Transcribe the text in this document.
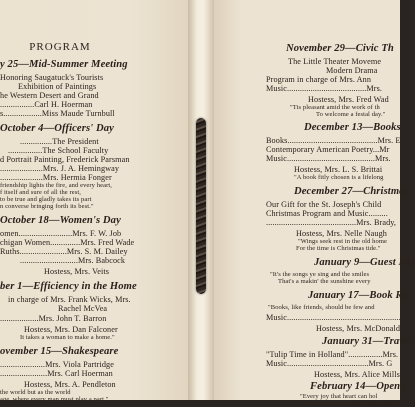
PROGRAM
y 25—Mid-Summer Meeting
Honoring Saugatuck's Tourists
Exhibition of Paintings
he Western Desert and Grand
................Carl H. Hoerman
s..................Miss Maude Turnbull
October 4—Officers' Day
...............The President
................The School Faculty
d Portrait Painting, Frederick Parsman
....................Mrs. J. A. Hemingway
....................Mrs. Hermia Fonger
friendship lights the fire, and every heart,
f itself and sure of all the rest,
to be true and gladly takes its part
n converse bringing forth its best."
October 18—Women's Day
omen.........................Mrs. F. W. Job
chigan Women..............Mrs. Fred Wade
Ruths......................Mrs. S. M. Dailey
...........................Mrs. Babcock
Hostess, Mrs. Veits
ber 1—Efficiency in the Home
in charge of Mrs. Frank Wicks, Mrs.
Rachel McVea
..................Mrs. John T. Barron
Hostess, Mrs. Dan Falconer
It takes a woman to make a home."
ovember 15—Shakespeare
.....................Mrs. Viola Partridge
......................Mrs. Carl Hoerman
Hostess, Mrs. A. Pendleton
the world but as the world
age, where every man must play a part."
November 29—Civic Th
The Little Theater Moveme
Modern Drama
Program in charge of Mrs. Ann
Music.....................................Mrs.
Hostess, Mrs. Fred Wad
"Tis pleasant amid the work of th
To welcome a festal day."
December 13—Books
Books..........................................Mrs. E
Contemporary American Poetry...Mr
Music.........................................Mrs.
Hostess, Mrs. L. S. Brittai
"A book fitly chosen is a lifelong
December 27—Christmas
Our Gift for the St. Joseph's Child
Christmas Program and Music.........
..........................................Mrs. Brady,
Hostess, Mrs. Nelle Naugh
"Wings seek rest in the old home
For the time is Christmas tide."
January 9—Guest Nig
"It's the songs ye sing and the smiles
That's a makin' the sunshine every
January 17—Book Rev
"Books, like friends, should be few and
Music.....................................................
Hostess, Mrs. McDonald
January 31—Travel
"Tulip Time in Holland"................Mrs.
Music......................................Mrs. G
Hostess, Mrs. Alice Mills
February 14—Open D
"Every joy that heart can hol
Be thine this day a thousand
